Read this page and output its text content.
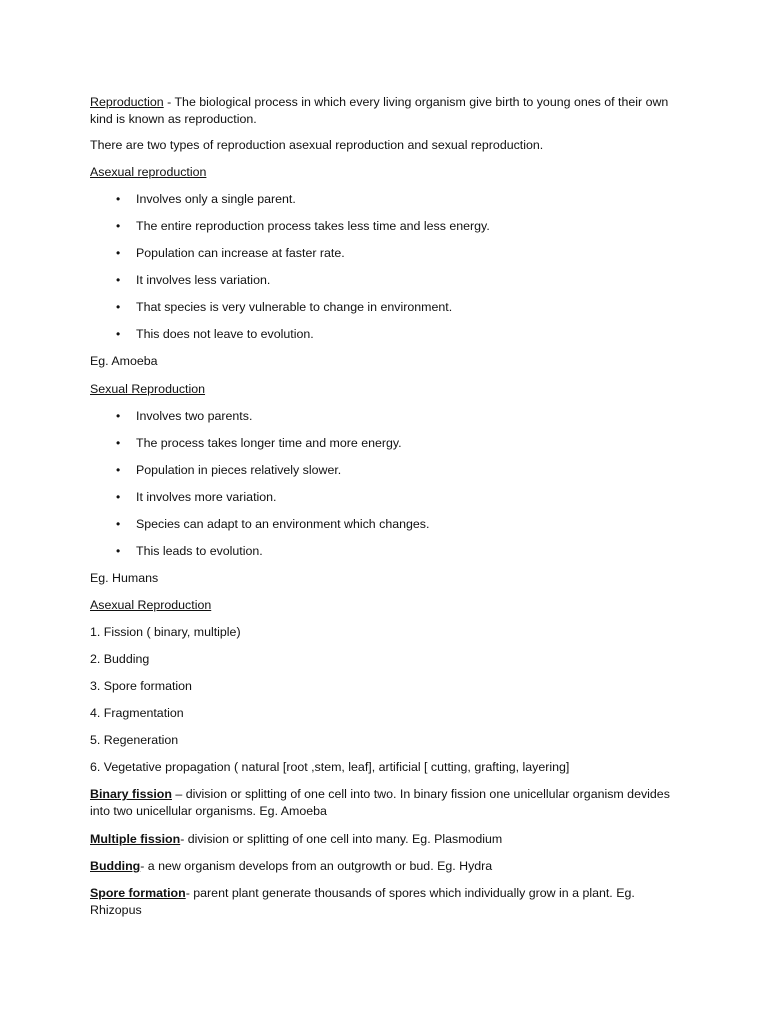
Reproduction - The biological process in which every living organism give birth to young ones of their own kind is known as reproduction.

There are two types of reproduction asexual reproduction and sexual reproduction.

Asexual reproduction

• Involves only a single parent.
• The entire reproduction process takes less time and less energy.
• Population can increase at faster rate.
• It involves less variation.
• That species is very vulnerable to change in environment.
• This does not leave to evolution.

Eg. Amoeba

Sexual Reproduction

• Involves two parents.
• The process takes longer time and more energy.
• Population in pieces relatively slower.
• It involves more variation.
• Species can adapt to an environment which changes.
• This leads to evolution.

Eg. Humans

Asexual Reproduction

1. Fission ( binary, multiple)

2. Budding

3. Spore formation

4. Fragmentation

5. Regeneration

6. Vegetative propagation ( natural [root ,stem, leaf], artificial [ cutting, grafting, layering]

Binary fission – division or splitting of one cell into two. In binary fission one unicellular organism devides into two unicellular organisms. Eg. Amoeba

Multiple fission- division or splitting of one cell into many. Eg. Plasmodium

Budding- a new organism develops from an outgrowth or bud. Eg. Hydra

Spore formation- parent plant generate thousands of spores which individually grow in a plant. Eg. Rhizopus
